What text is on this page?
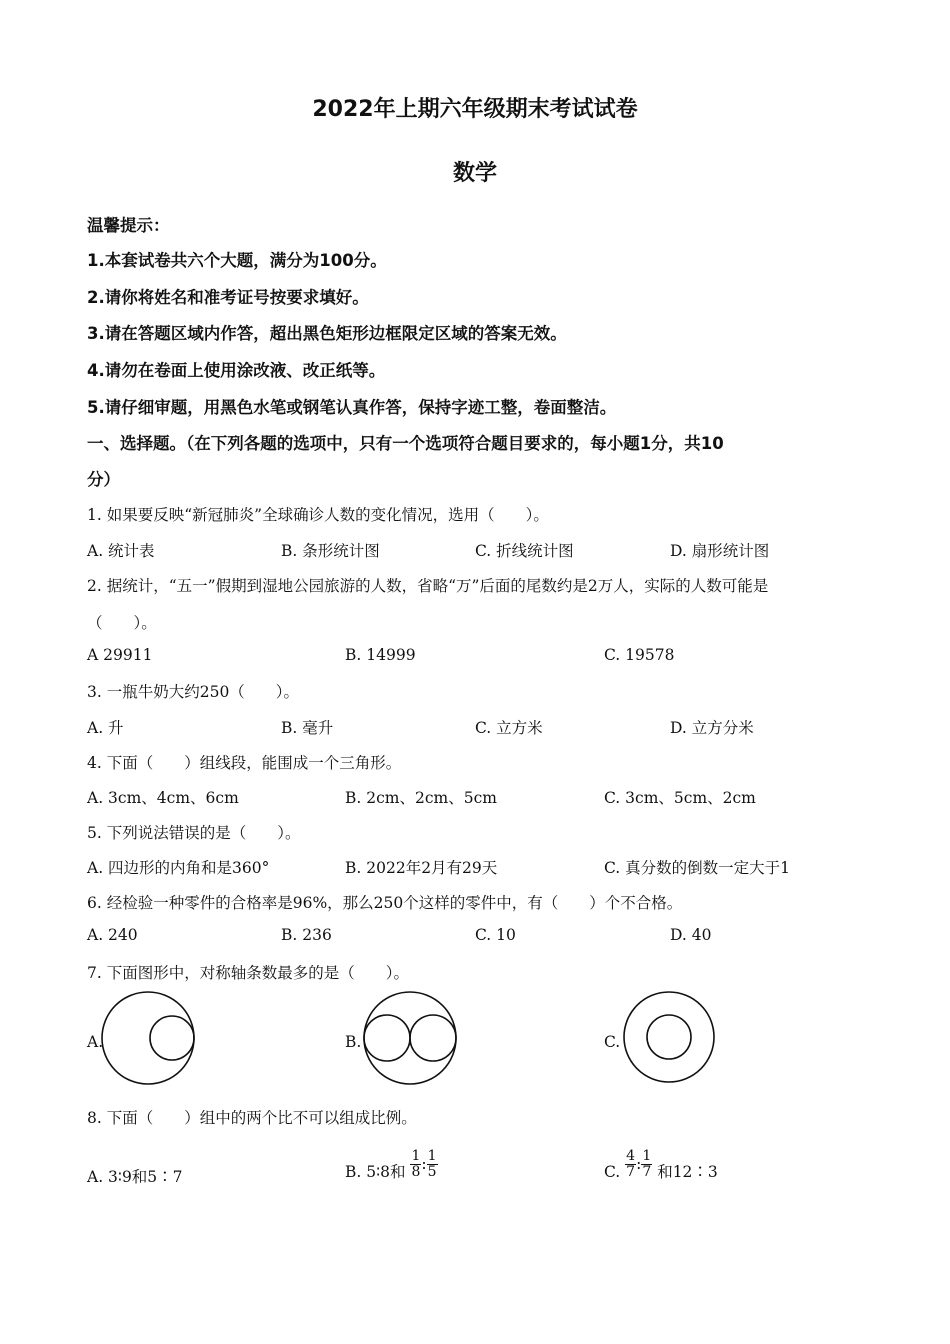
2022年上期六年级期末考试试卷
数学
温馨提示：
1.本套试卷共六个大题，满分为100分。
2.请你将姓名和准考证号按要求填好。
3.请在答题区域内作答，超出黑色矩形边框限定区域的答案无效。
4.请勿在卷面上使用涂改液、改正纸等。
5.请仔细审题，用黑色水笔或钢笔认真作答，保持字迹工整，卷面整洁。
一、选择题。（在下列各题的选项中，只有一个选项符合题目要求的，每小题1分，共10
分）
1. 如果要反映“新冠肺炎”全球确诊人数的变化情况，选用（　　）。
A. 统计表	B. 条形统计图	C. 折线统计图	D. 扇形统计图
2. 据统计，“五一”假期到湿地公园旅游的人数，省略“万”后面的尾数约是2万人，实际的人数可能是
（　　）。
A 29911	B. 14999	C. 19578
3. 一瓶牛奶大约250（　　）。
A. 升	B. 毫升	C. 立方米	D. 立方分米
4. 下面（　　）组线段，能围成一个三角形。
A. 3cm、4cm、6cm	B. 2cm、2cm、5cm	C. 3cm、5cm、2cm
5. 下列说法错误的是（　　）。
A. 四边形的内角和是360°	B. 2022年2月有29天	C. 真分数的倒数一定大于1
6. 经检验一种零件的合格率是96%，那么250个这样的零件中，有（　　）个不合格。
A. 240	B. 236	C. 10	D. 40
7. 下面图形中，对称轴条数最多的是（　　）。
A.	B.	C.
8. 下面（　　）组中的两个比不可以组成比例。
A. 3∶9和5∶7	B. 5∶8和 $\frac{1}{8}$ : $\frac{1}{5}$	C. $\frac{4}{7}$ : $\frac{1}{7}$ 和12∶3
